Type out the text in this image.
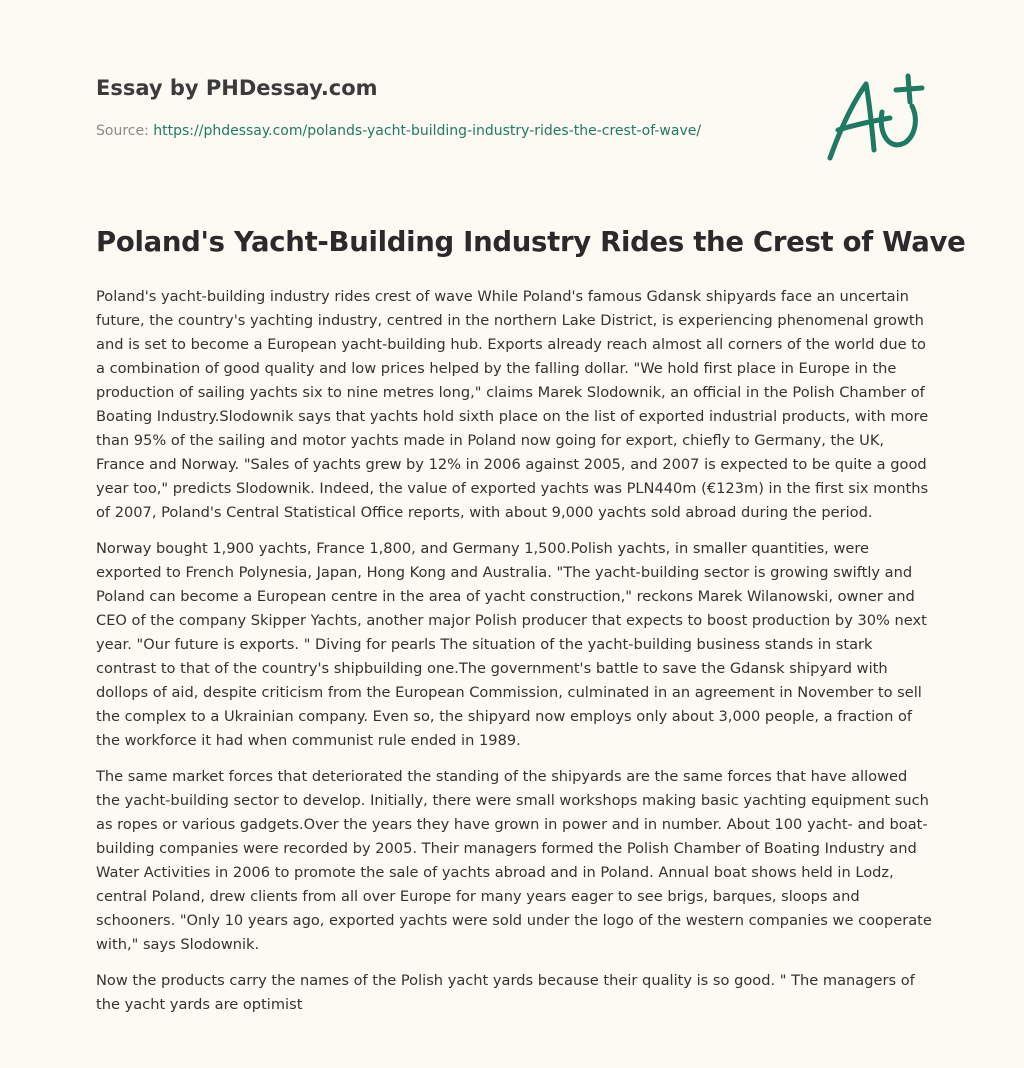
Essay by PHDessay.com
Source: https://phdessay.com/polands-yacht-building-industry-rides-the-crest-of-wave/
Poland's Yacht-Building Industry Rides the Crest of Wave

Poland's yacht-building industry rides crest of wave While Poland's famous Gdansk shipyards face an uncertain future, the country's yachting industry, centred in the northern Lake District, is experiencing phenomenal growth and is set to become a European yacht-building hub. Exports already reach almost all corners of the world due to a combination of good quality and low prices helped by the falling dollar. "We hold first place in Europe in the production of sailing yachts six to nine metres long," claims Marek Slodownik, an official in the Polish Chamber of Boating Industry.Slodownik says that yachts hold sixth place on the list of exported industrial products, with more than 95% of the sailing and motor yachts made in Poland now going for export, chiefly to Germany, the UK, France and Norway. "Sales of yachts grew by 12% in 2006 against 2005, and 2007 is expected to be quite a good year too," predicts Slodownik. Indeed, the value of exported yachts was PLN440m (€123m) in the first six months of 2007, Poland's Central Statistical Office reports, with about 9,000 yachts sold abroad during the period.

Norway bought 1,900 yachts, France 1,800, and Germany 1,500.Polish yachts, in smaller quantities, were exported to French Polynesia, Japan, Hong Kong and Australia. "The yacht-building sector is growing swiftly and Poland can become a European centre in the area of yacht construction," reckons Marek Wilanowski, owner and CEO of the company Skipper Yachts, another major Polish producer that expects to boost production by 30% next year. "Our future is exports. " Diving for pearls The situation of the yacht-building business stands in stark contrast to that of the country's shipbuilding one.The government's battle to save the Gdansk shipyard with dollops of aid, despite criticism from the European Commission, culminated in an agreement in November to sell the complex to a Ukrainian company. Even so, the shipyard now employs only about 3,000 people, a fraction of the workforce it had when communist rule ended in 1989.

The same market forces that deteriorated the standing of the shipyards are the same forces that have allowed the yacht-building sector to develop. Initially, there were small workshops making basic yachting equipment such as ropes or various gadgets.Over the years they have grown in power and in number. About 100 yacht- and boat-building companies were recorded by 2005. Their managers formed the Polish Chamber of Boating Industry and Water Activities in 2006 to promote the sale of yachts abroad and in Poland. Annual boat shows held in Lodz, central Poland, drew clients from all over Europe for many years eager to see brigs, barques, sloops and schooners. "Only 10 years ago, exported yachts were sold under the logo of the western companies we cooperate with," says Slodownik.

Now the products carry the names of the Polish yacht yards because their quality is so good. " The managers of the yacht yards are optimist
